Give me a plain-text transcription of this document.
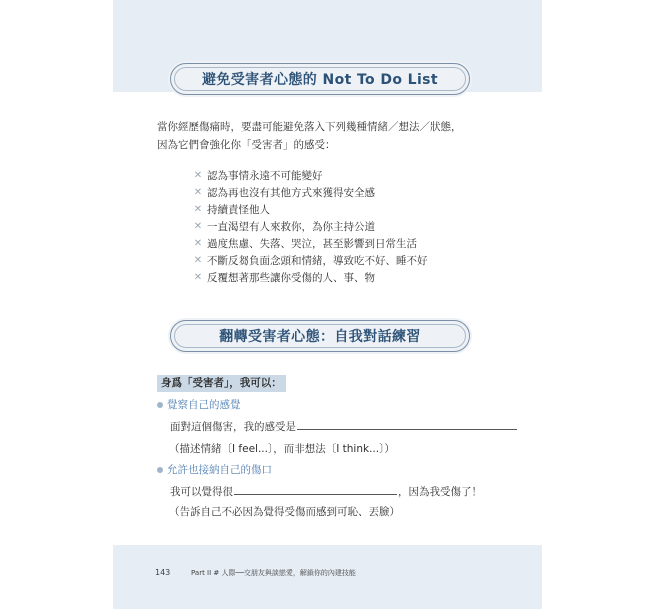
避免受害者心態的 Not To Do List
當你經歷傷痛時，要盡可能避免落入下列幾種情緒／想法／狀態，
因為它們會強化你「受害者」的感受：
✕ 認為事情永遠不可能變好
✕ 認為再也沒有其他方式來獲得安全感
✕ 持續責怪他人
✕ 一直渴望有人來救你，為你主持公道
✕ 過度焦慮、失落、哭泣，甚至影響到日常生活
✕ 不斷反芻負面念頭和情緒，導致吃不好、睡不好
✕ 反覆想著那些讓你受傷的人、事、物
翻轉受害者心態：自我對話練習
身爲「受害者」，我可以：
覺察自己的感覺
面對這個傷害，我的感受是
（描述情緒〔I feel...〕，而非想法〔I think...〕）
允許也接納自己的傷口
我可以覺得很	，因為我受傷了！
（告訴自己不必因為覺得受傷而感到可恥、丟臉）
143	Part II # 人際──交朋友與談戀愛，解鎖你的內建技能
